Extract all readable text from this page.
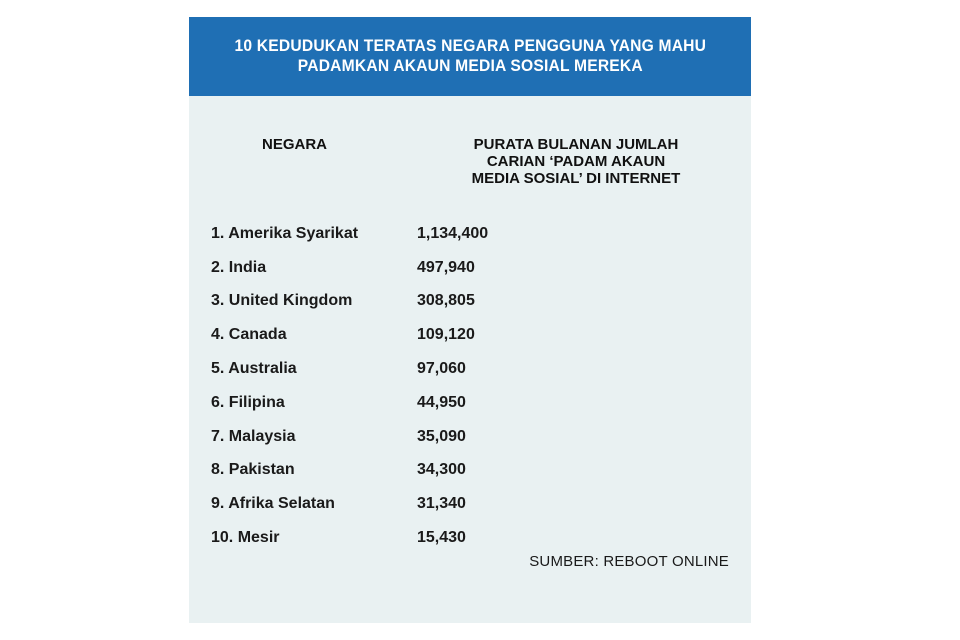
10 KEDUDUKAN TERATAS NEGARA PENGGUNA YANG MAHU
PADAMKAN AKAUN MEDIA SOSIAL MEREKA
NEGARA	PURATA BULANAN JUMLAH
CARIAN ‘PADAM AKAUN
MEDIA SOSIAL’ DI INTERNET
1. Amerika Syarikat	1,134,400
2. India	497,940
3. United Kingdom	308,805
4. Canada	109,120
5. Australia	97,060
6. Filipina	44,950
7. Malaysia	35,090
8. Pakistan	34,300
9. Afrika Selatan	31,340
10. Mesir	15,430
SUMBER: REBOOT ONLINE
